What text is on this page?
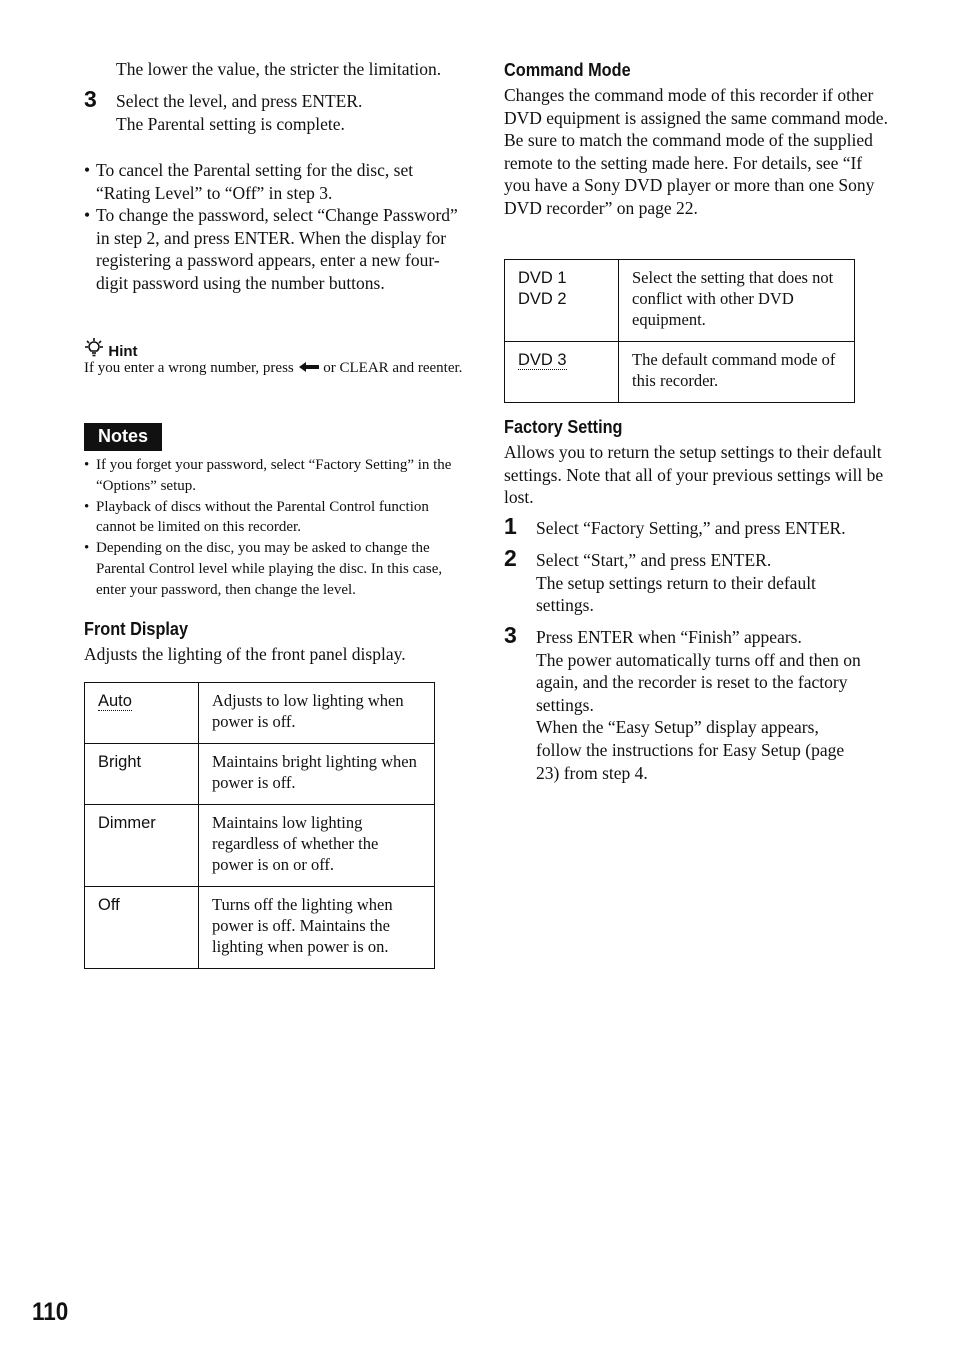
The lower the value, the stricter the limitation.
3 Select the level, and press ENTER.
The Parental setting is complete.
• To cancel the Parental setting for the disc, set “Rating Level” to “Off” in step 3.
• To change the password, select “Change Password” in step 2, and press ENTER. When the display for registering a password appears, enter a new four-digit password using the number buttons.
Hint
If you enter a wrong number, press or CLEAR and reenter.
Notes
• If you forget your password, select “Factory Setting” in the “Options” setup.
• Playback of discs without the Parental Control function cannot be limited on this recorder.
• Depending on the disc, you may be asked to change the Parental Control level while playing the disc. In this case, enter your password, then change the level.
Front Display
Adjusts the lighting of the front panel display.
Auto	Adjusts to low lighting when power is off.
Bright	Maintains bright lighting when power is off.
Dimmer	Maintains low lighting regardless of whether the power is on or off.
Off	Turns off the lighting when power is off. Maintains the lighting when power is on.
Command Mode
Changes the command mode of this recorder if other DVD equipment is assigned the same command mode. Be sure to match the command mode of the supplied remote to the setting made here. For details, see “If you have a Sony DVD player or more than one Sony DVD recorder” on page 22.
DVD 1
DVD 2	Select the setting that does not conflict with other DVD equipment.
DVD 3	The default command mode of this recorder.
Factory Setting
Allows you to return the setup settings to their default settings. Note that all of your previous settings will be lost.
1 Select “Factory Setting,” and press ENTER.
2 Select “Start,” and press ENTER.
The setup settings return to their default settings.
3 Press ENTER when “Finish” appears.
The power automatically turns off and then on again, and the recorder is reset to the factory settings.
When the “Easy Setup” display appears, follow the instructions for Easy Setup (page 23) from step 4.
110
